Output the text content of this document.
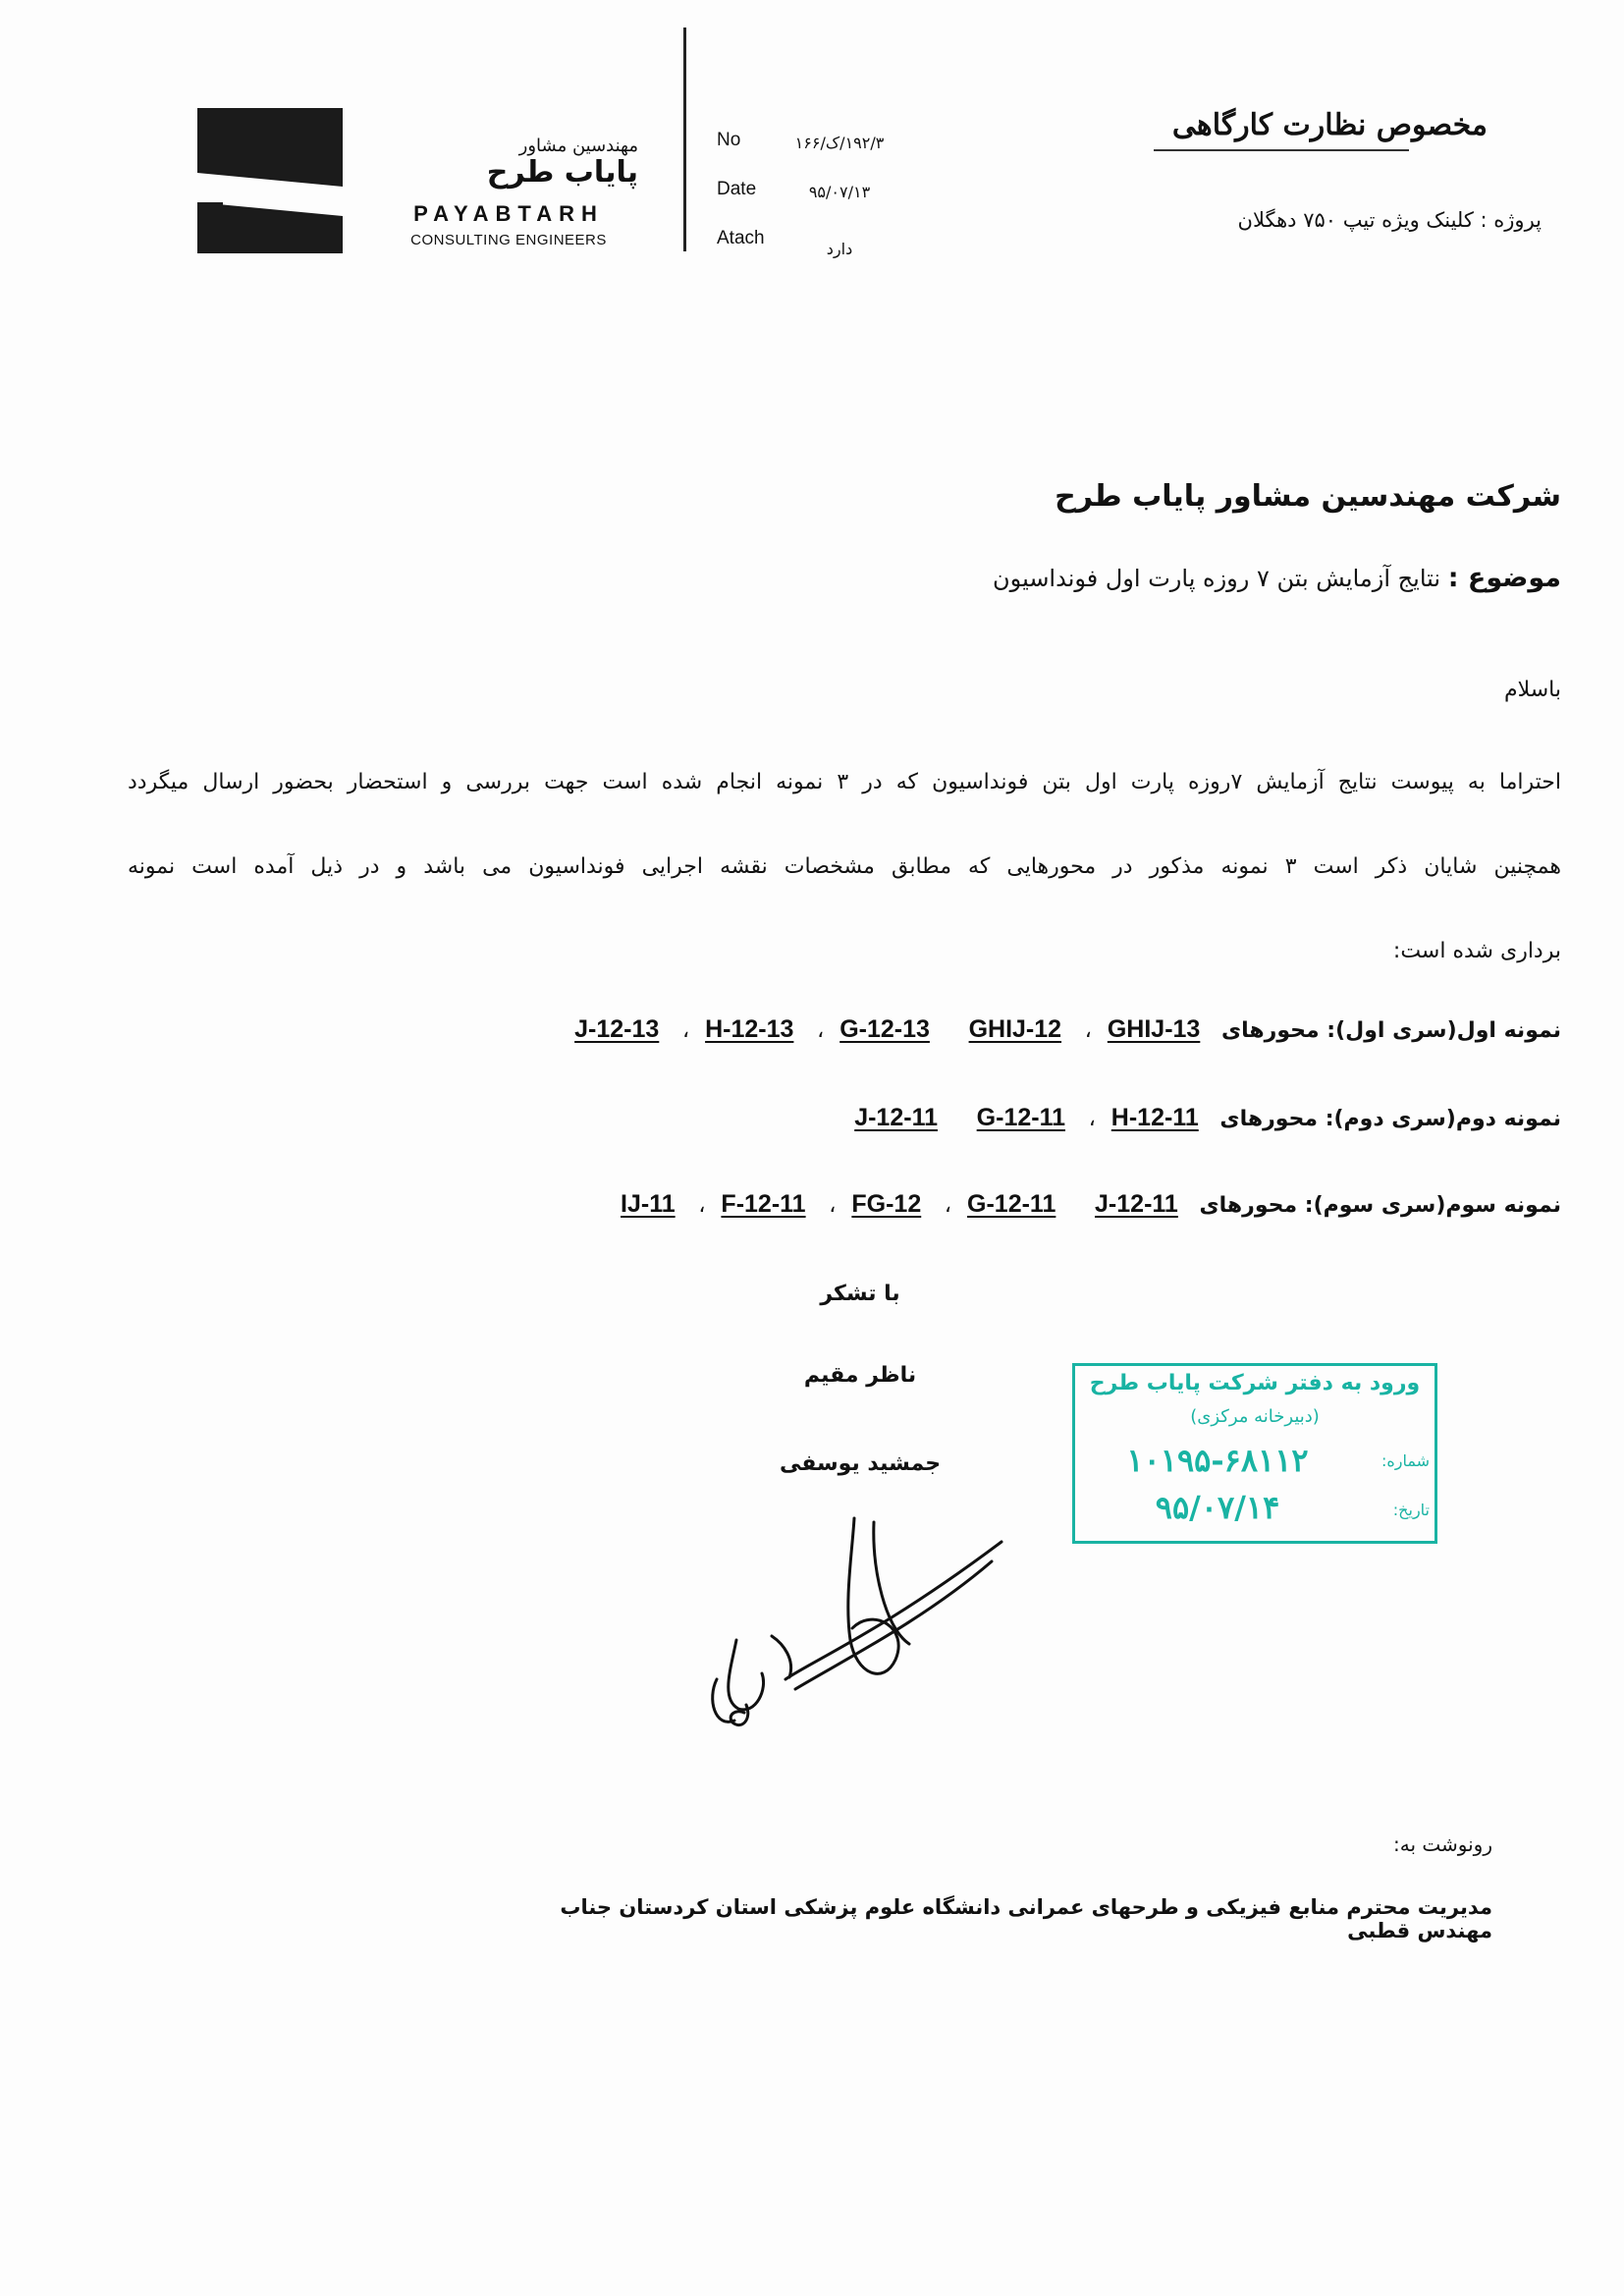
مهندسین مشاور
پایاب طرح
PAYABTARH
CONSULTING ENGINEERS
No	۱۹۲/۳/ک/۱۶۶
Date	۹۵/۰۷/۱۳
Atach
دارد
مخصوص نظارت کارگاهی
پروژه : کلینک ویژه تیپ ۷۵۰ دهگلان
شرکت مهندسین مشاور پایاب طرح
موضوع : نتایج آزمایش بتن ۷ روزه پارت اول فونداسیون
باسلام
احتراما به پیوست نتایج آزمایش ۷روزه پارت اول بتن فونداسیون که در ۳ نمونه انجام شده است جهت بررسی و استحضار بحضور ارسال میگردد
همچنین شایان ذکر است ۳ نمونه مذکور در محورهایی که مطابق مشخصات نقشه اجرایی فونداسیون می باشد و در ذیل آمده است نمونه
برداری شده است:
نمونه اول(سری اول): محورهای GHIJ-13، GHIJ-12 G-12-13، H-12-13، J-12-13
نمونه دوم(سری دوم): محورهای H-12-11، G-12-11 J-12-11
نمونه سوم(سری سوم): محورهای J-12-11 G-12-11، FG-12، F-12-11، IJ-11
با تشکر
ناظر مقیم
جمشید یوسفی
ورود به دفتر شرکت پایاب طرح
(دبیرخانه مرکزی)
شماره:
۱۰۱۹۵-۶۸۱۱۲
تاریخ:
۹۵/۰۷/۱۴
رونوشت به:
مدیریت محترم منابع فیزیکی و طرحهای عمرانی دانشگاه علوم پزشکی استان کردستان جناب مهندس قطبی
